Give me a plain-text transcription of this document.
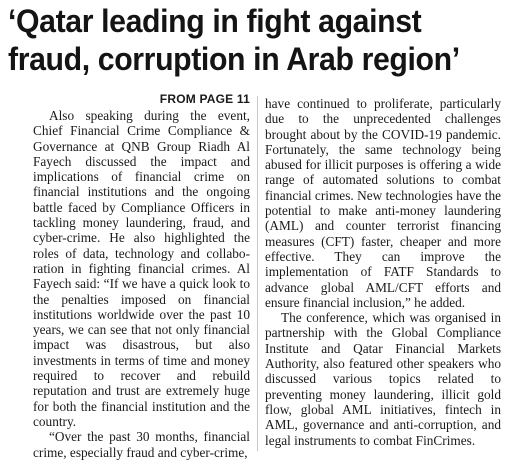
‘Qatar leading in fight against
fraud, corruption in Arab region’
FROM PAGE 11

Also speaking during the event, Chief Financial Crime Compliance & Governance at QNB Group Riadh Al Fayech discussed the impact and implications of financial crime on financial institutions and the ongoing battle faced by Compliance Officers in tackling money laundering, fraud, and cyber-crime. He also highlighted the roles of data, technology and collaboration in fighting financial crimes. Al Fayech said: “If we have a quick look to the penalties imposed on financial institutions worldwide over the past 10 years, we can see that not only financial impact was disastrous, but also investments in terms of time and money required to recover and rebuild reputation and trust are extremely huge for both the financial institution and the country.

“Over the past 30 months, financial crime, especially fraud and cyber-crime,

have continued to proliferate, particularly due to the unprecedented challenges brought about by the COVID-19 pandemic. Fortunately, the same technology being abused for illicit purposes is offering a wide range of automated solutions to combat financial crimes. New technologies have the potential to make anti-money laundering (AML) and counter terrorist financing measures (CFT) faster, cheaper and more effective. They can improve the implementation of FATF Standards to advance global AML/CFT efforts and ensure financial inclusion,” he added.

The conference, which was organised in partnership with the Global Compliance Institute and Qatar Financial Markets Authority, also featured other speakers who discussed various topics related to preventing money laundering, illicit gold flow, global AML initiatives, fintech in AML, governance and anti-corruption, and legal instruments to combat FinCrimes.
